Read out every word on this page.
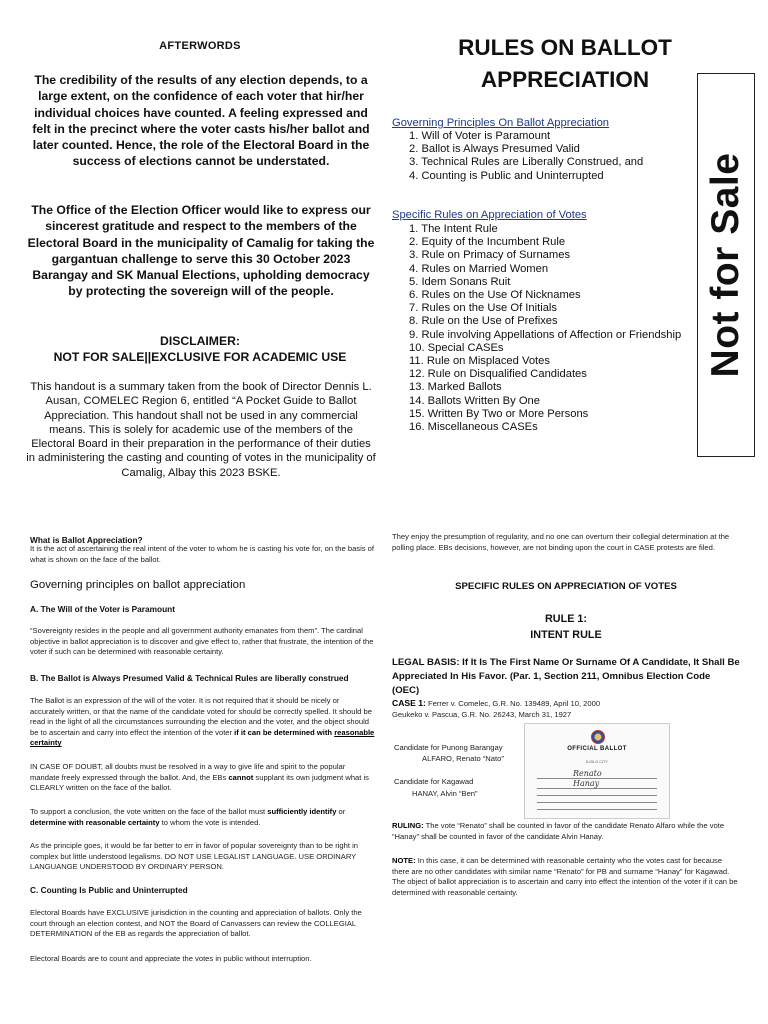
AFTERWORDS
The credibility of the results of any election depends, to a large extent, on the confidence of each voter that hir/her individual choices have counted. A feeling expressed and felt in the precinct where the voter casts his/her ballot and later counted. Hence, the role of the Electoral Board in the success of elections cannot be understated.
The Office of the Election Officer would like to express our sincerest gratitude and respect to the members of the Electoral Board in the municipality of Camalig for taking the gargantuan challenge to serve this 30 October 2023 Barangay and SK Manual Elections, upholding democracy by protecting the sovereign will of the people.
DISCLAIMER:
NOT FOR SALE||EXCLUSIVE FOR ACADEMIC USE
This handout is a summary taken from the book of Director Dennis L. Ausan, COMELEC Region 6, entitled “A Pocket Guide to Ballot Appreciation. This handout shall not be used in any commercial means. This is solely for academic use of the members of the Electoral Board in their preparation in the performance of their duties in administering the casting and counting of votes in the municipality of Camalig, Albay this 2023 BSKE.
RULES ON BALLOT
APPRECIATION
Not for Sale
Governing Principles On Ballot Appreciation
1. Will of Voter is Paramount
2. Ballot is Always Presumed Valid
3. Technical Rules are Liberally Construed, and
4. Counting is Public and Uninterrupted
Specific Rules on Appreciation of Votes
1. The Intent Rule
2. Equity of the Incumbent Rule
3. Rule on Primacy of Surnames
4. Rules on Married Women
5. Idem Sonans Ruit
6. Rules on the Use Of Nicknames
7. Rules on the Use Of Initials
8. Rule on the Use of Prefixes
9. Rule involving Appellations of Affection or Friendship
10. Special CASEs
11. Rule on Misplaced Votes
12. Rule on Disqualified Candidates
13. Marked Ballots
14. Ballots Written By One
15. Written By Two or More Persons
16. Miscellaneous CASEs
What is Ballot Appreciation?
It is the act of ascertaining the real intent of the voter to whom he is casting his vote for, on the basis of what is shown on the face of the ballot.
Governing principles on ballot appreciation
A. The Will of the Voter is Paramount
“Sovereignty resides in the people and all government authority emanates from them”. The cardinal objective in ballot appreciation is to discover and give effect to, rather that frustrate, the intention of the voter if such can be determined with reasonable certainty.
B. The Ballot is Always Presumed Valid & Technical Rules are liberally construed
The Ballot is an expression of the will of the voter. It is not required that it should be nicely or accurately written, or that the name of the candidate voted for should be correctly spelled. It should be read in the light of all the circumstances surrounding the election and the voter, and the object should be to ascertain and carry into effect the intention of the voter if it can be determined with reasonable certainty
IN CASE OF DOUBT, all doubts must be resolved in a way to give life and spirit to the popular mandate freely expressed through the ballot. And, the EBs cannot supplant its own judgment what is CLEARLY written on the face of the ballot.
To support a conclusion, the vote written on the face of the ballot must sufficiently identify or determine with reasonable certainty to whom the vote is intended.
As the principle goes, it would be far better to err in favor of popular sovereignty than to be right in complex but little understood legalisms. DO NOT USE LEGALIST LANGUAGE. USE ORDINARY LANGUANGE UNDERSTOOD BY ORDINARY PERSON.
C. Counting Is Public and Uninterrupted
Electoral Boards have EXCLUSIVE jurisdiction in the counting and appreciation of ballots. Only the court through an election contest, and NOT the Board of Canvassers can review the COLLEGIAL DETERMINATION of the EB as regards the appreciation of ballot.
Electoral Boards are to count and appreciate the votes in public without interruption.
They enjoy the presumption of regularity, and no one can overturn their collegial determination at the polling place. EBs decisions, however, are not binding upon the court in CASE protests are filed.
SPECIFIC RULES ON APPRECIATION OF VOTES
RULE 1:
INTENT RULE
LEGAL BASIS: If It Is The First Name Or Surname Of A Candidate, It Shall Be Appreciated In His Favor. (Par. 1, Section 211, Omnibus Election Code (OEC)
CASE 1: Ferrer v. Comelec, G.R. No. 139489, April 10, 2000
Geukeko v. Pascua, G.R. No. 26243, March 31, 1927
Candidate for Punong Barangay
ALFARO, Renato “Nato”
Candidate for Kagawad
HANAY, Alvin “Ben”
OFFICIAL BALLOT
ILOILO CITY
Renato
Hanay
RULING: The vote “Renato” shall be counted in favor of the candidate Renato Alfaro while the vote “Hanay” shall be counted in favor of the candidate Alvin Hanay.
NOTE: In this case, it can be determined with reasonable certainty who the votes cast for because there are no other candidates with similar name “Renato” for PB and surname “Hanay” for Kagawad. The object of ballot appreciation is to ascertain and carry into effect the intention of the voter if it can be determined with reasonable certainty.
